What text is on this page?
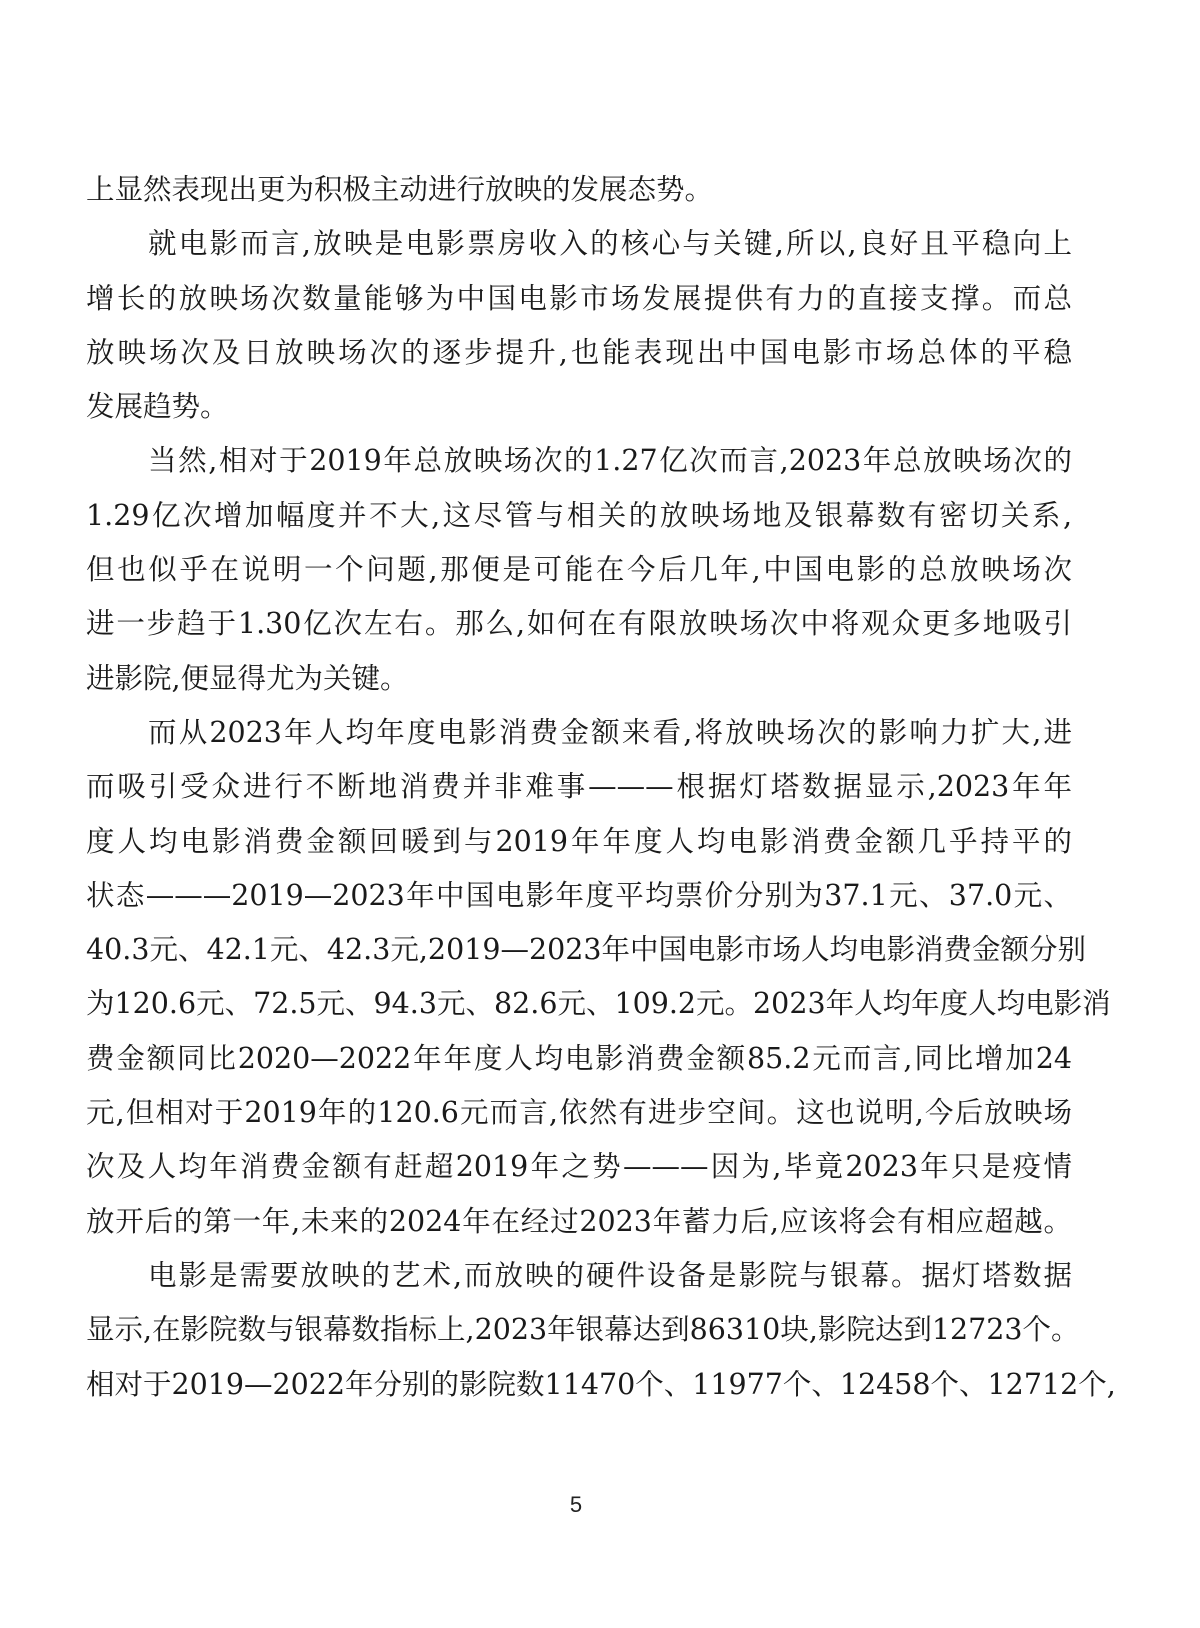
上显然表现出更为积极主动进行放映的发展态势。
就电影而言,放映是电影票房收入的核心与关键,所以,良好且平稳向上
增长的放映场次数量能够为中国电影市场发展提供有力的直接支撑。而总
放映场次及日放映场次的逐步提升,也能表现出中国电影市场总体的平稳
发展趋势。
当然,相对于2019年总放映场次的1.27亿次而言,2023年总放映场次的
1.29亿次增加幅度并不大,这尽管与相关的放映场地及银幕数有密切关系,
但也似乎在说明一个问题,那便是可能在今后几年,中国电影的总放映场次
进一步趋于1.30亿次左右。那么,如何在有限放映场次中将观众更多地吸引
进影院,便显得尤为关键。
而从2023年人均年度电影消费金额来看,将放映场次的影响力扩大,进
而吸引受众进行不断地消费并非难事———根据灯塔数据显示,2023年年
度人均电影消费金额回暖到与2019年年度人均电影消费金额几乎持平的
状态———2019—2023年中国电影年度平均票价分别为37.1元、37.0元、
40.3元、42.1元、42.3元,2019—2023年中国电影市场人均电影消费金额分别
为120.6元、72.5元、94.3元、82.6元、109.2元。2023年人均年度人均电影消
费金额同比2020—2022年年度人均电影消费金额85.2元而言,同比增加24
元,但相对于2019年的120.6元而言,依然有进步空间。这也说明,今后放映场
次及人均年消费金额有赶超2019年之势———因为,毕竟2023年只是疫情
放开后的第一年,未来的2024年在经过2023年蓄力后,应该将会有相应超越。
电影是需要放映的艺术,而放映的硬件设备是影院与银幕。据灯塔数据
显示,在影院数与银幕数指标上,2023年银幕达到86310块,影院达到12723个。
相对于2019—2022年分别的影院数11470个、11977个、12458个、12712个,
5
